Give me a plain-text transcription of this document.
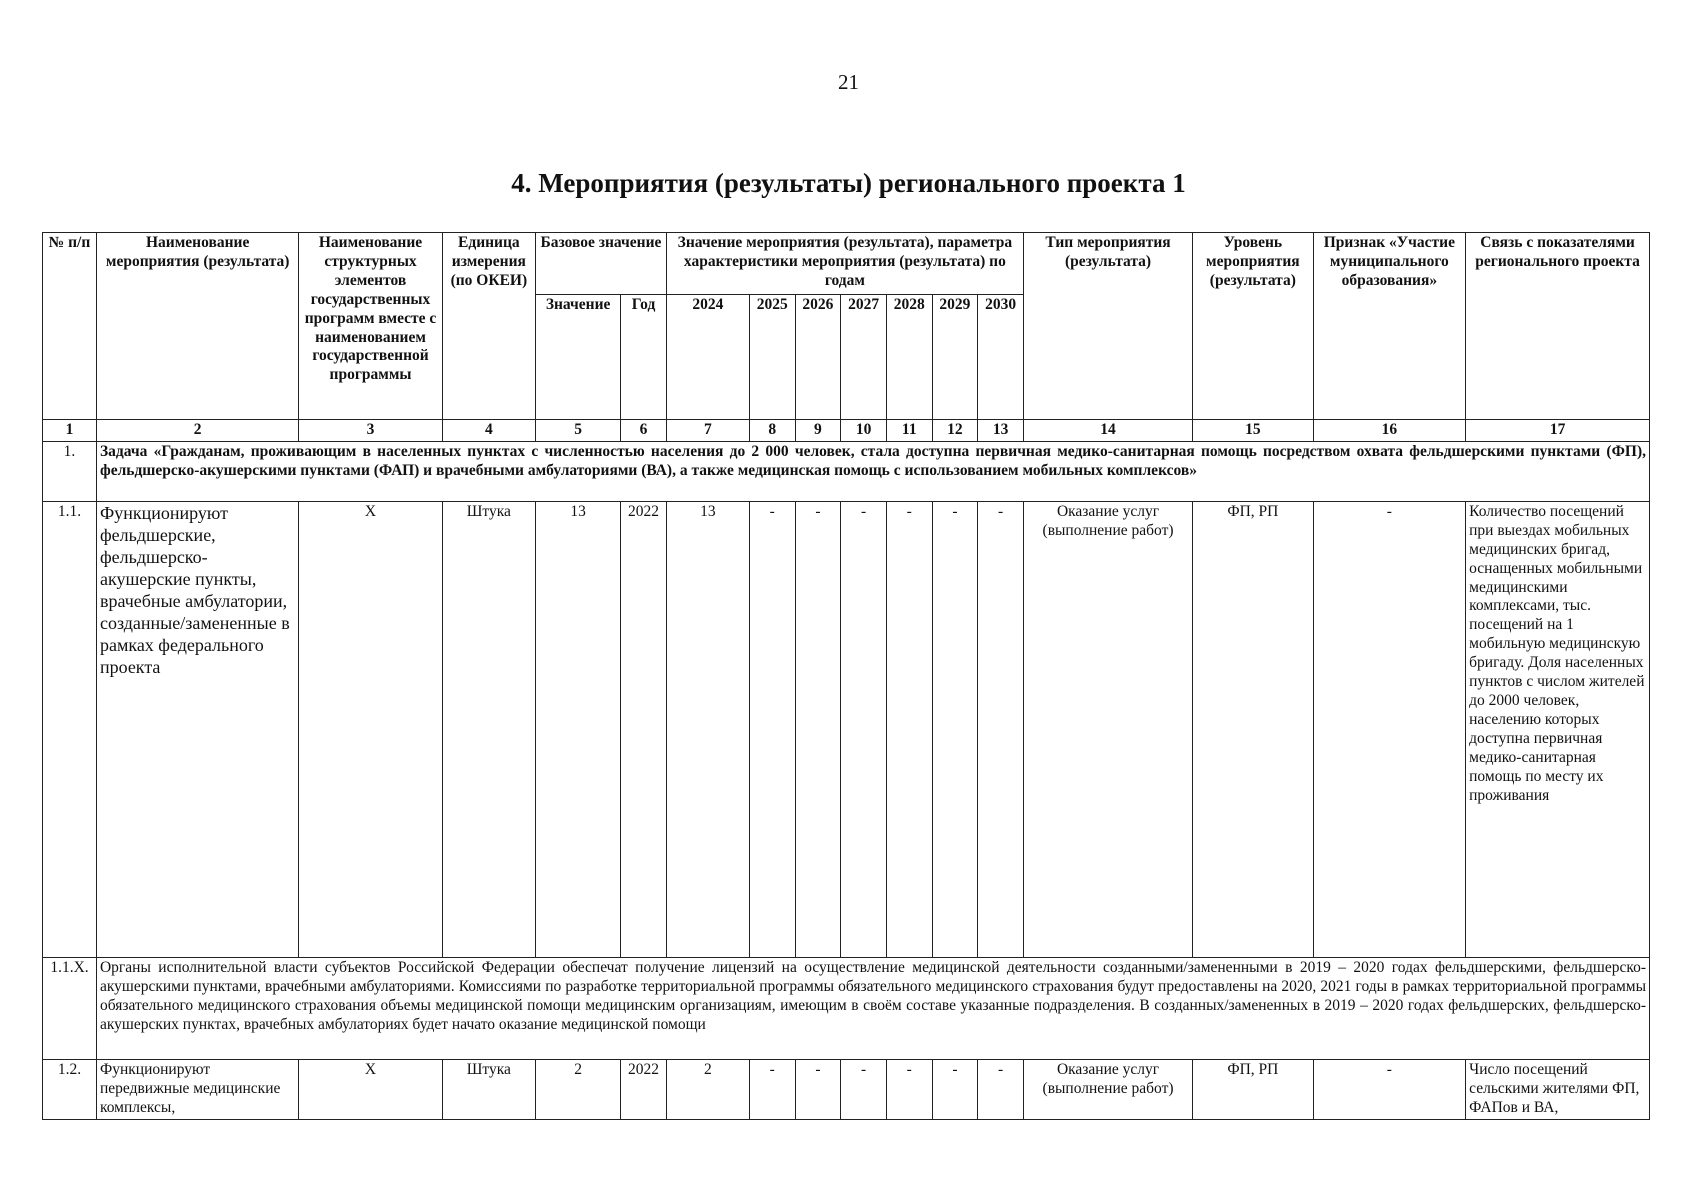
21
4. Мероприятия (результаты) регионального проекта 1
№ п/п	Наименование мероприятия (результата)	Наименование структурных элементов государственных программ вместе с наименованием государственной программы	Единица измерения (по ОКЕИ)	Базовое значение		Значение мероприятия (результата), параметра характеристики мероприятия (результата) по годам							Тип мероприятия (результата)	Уровень мероприятия (результата)	Признак «Участие муниципального образования»	Связь с показателями регионального проекта
				Значение	Год	2024	2025	2026	2027	2028	2029	2030				
1	2	3	4	5	6	7	8	9	10	11	12	13	14	15	16	17
1.	Задача «Гражданам, проживающим в населенных пунктах с численностью населения до 2 000 человек, стала доступна первичная медико-санитарная помощь посредством охвата фельдшерскими пунктами (ФП), фельдшерско-акушерскими пунктами (ФАП) и врачебными амбулаториями (ВА), а также медицинская помощь с использованием мобильных комплексов»															
1.1.	Функционируют фельдшерские, фельдшерско-акушерские пункты, врачебные амбулатории, созданные/замененные в рамках федерального проекта	Х	Штука	13	2022	13	-	-	-	-	-	-	Оказание услуг (выполнение работ)	ФП, РП	-	Количество посещений при выездах мобильных медицинских бригад, оснащенных мобильными медицинскими комплексами, тыс. посещений на 1 мобильную медицинскую бригаду. Доля населенных пунктов с числом жителей до 2000 человек, населению которых доступна первичная медико-санитарная помощь по месту их проживания
1.1.Х.	Органы исполнительной власти субъектов Российской Федерации обеспечат получение лицензий на осуществление медицинской деятельности созданными/замененными в 2019 – 2020 годах фельдшерскими, фельдшерско-акушерскими пунктами, врачебными амбулаториями. Комиссиями по разработке территориальной программы обязательного медицинского страхования будут предоставлены на 2020, 2021 годы в рамках территориальной программы обязательного медицинского страхования объемы медицинской помощи медицинским организациям, имеющим в своём составе указанные подразделения. В созданных/замененных в 2019 – 2020 годах фельдшерских, фельдшерско-акушерских пунктах, врачебных амбулаториях будет начато оказание медицинской помощи															
1.2.	Функционируют передвижные медицинские комплексы,	Х	Штука	2	2022	2	-	-	-	-	-	-	Оказание услуг (выполнение работ)	ФП, РП	-	Число посещений сельскими жителями ФП, ФАПов и ВА,
